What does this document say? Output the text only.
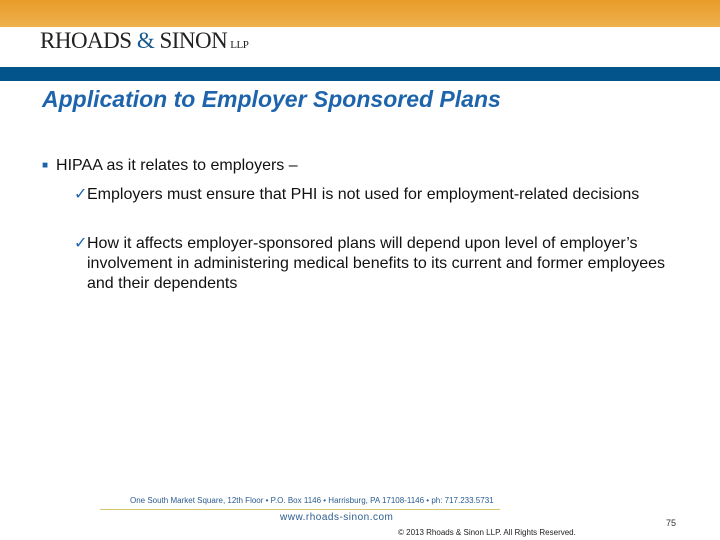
RHOADS & SINON LLP
Application to Employer Sponsored Plans
■ HIPAA as it relates to employers –
✓ Employers must ensure that PHI is not used for employment-related decisions
✓ How it affects employer-sponsored plans will depend upon level of employer’s involvement in administering medical benefits to its current and former employees and their dependents
One South Market Square, 12th Floor • P.O. Box 1146 • Harrisburg, PA 17108-1146 • ph: 717.233.5731
www.rhoads-sinon.com	75
© 2013 Rhoads & Sinon LLP. All Rights Reserved.
